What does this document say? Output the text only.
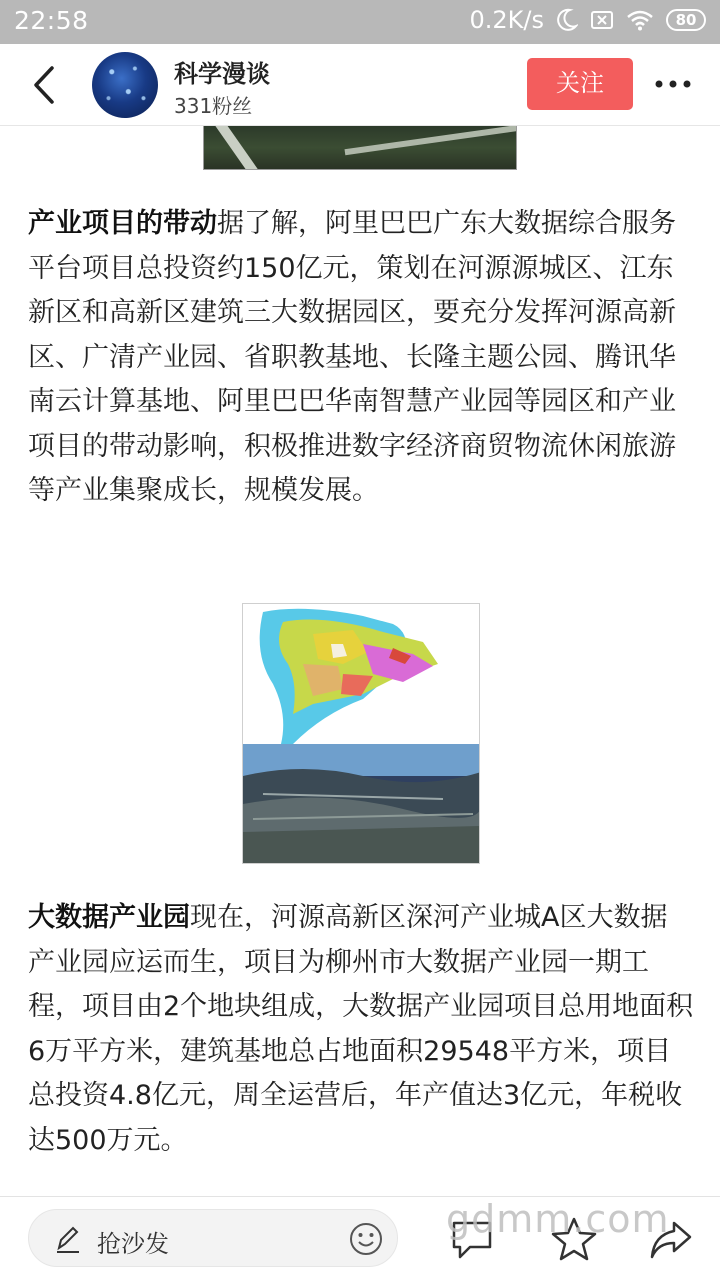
22:58	0.2K/s	80
科学漫谈
331粉丝
关注

产业项目的带动据了解，阿里巴巴广东大数据综合服务平台项目总投资约150亿元，策划在河源源城区、江东新区和高新区建筑三大数据园区，要充分发挥河源高新区、广清产业园、省职教基地、长隆主题公园、腾讯华南云计算基地、阿里巴巴华南智慧产业园等园区和产业项目的带动影响，积极推进数字经济商贸物流休闲旅游等产业集聚成长，规模发展。

大数据产业园现在，河源高新区深河产业城A区大数据产业园应运而生，项目为柳州市大数据产业园一期工程，项目由2个地块组成，大数据产业园项目总用地面积6万平方米，建筑基地总占地面积29548平方米，项目总投资4.8亿元，周全运营后，年产值达3亿元，年税收达500万元。

抢沙发
gdmm.com
